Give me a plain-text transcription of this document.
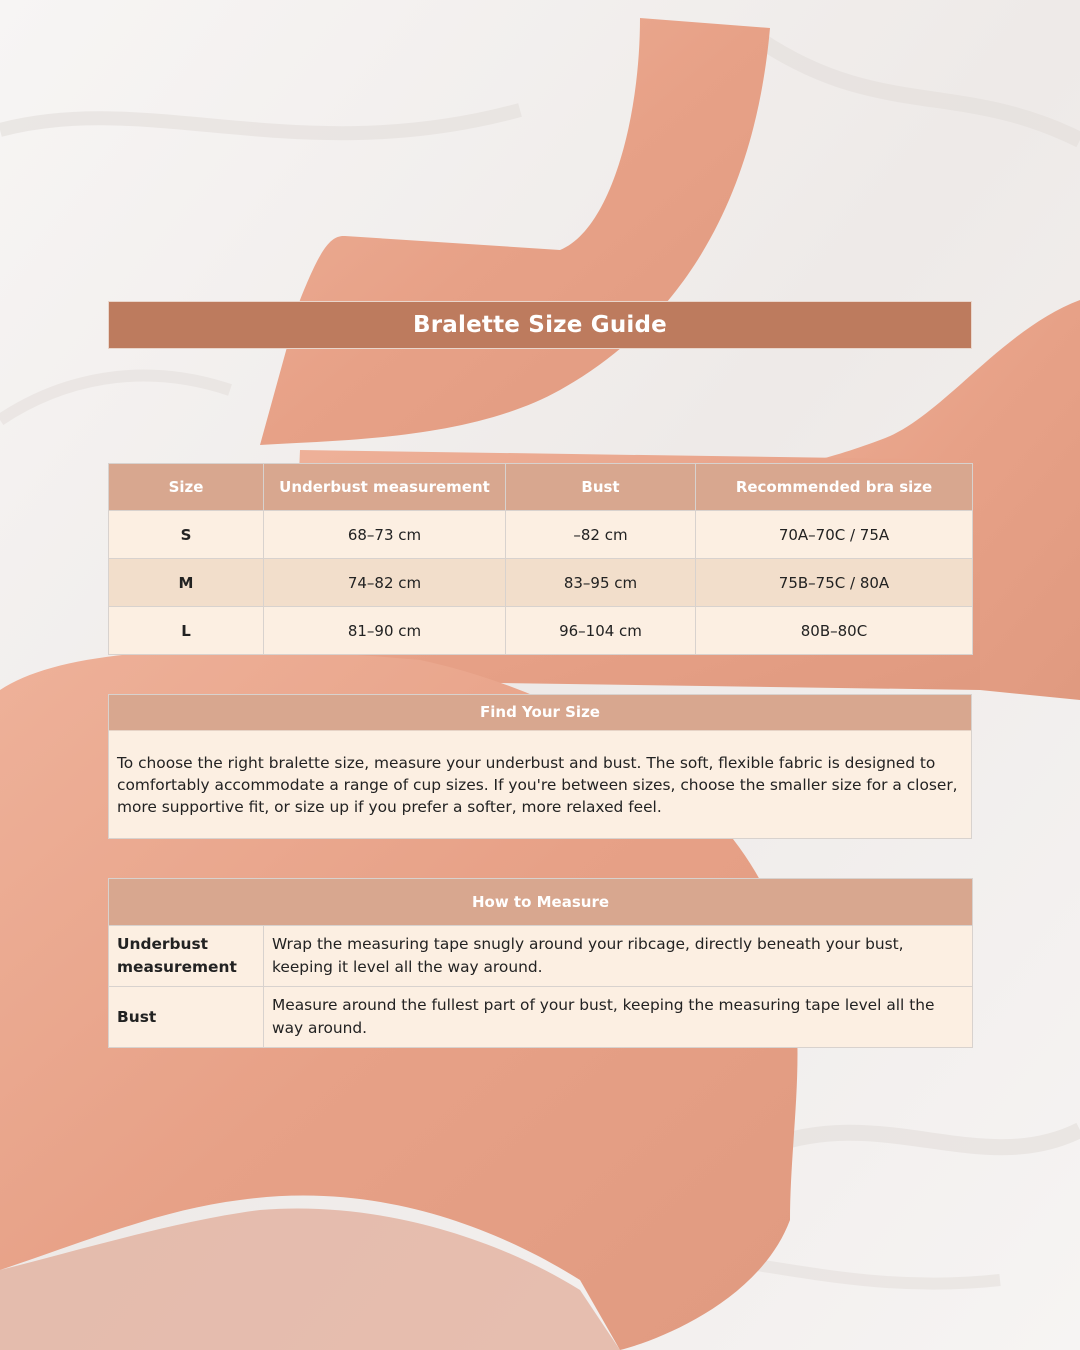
Bralette Size Guide
Size	Underbust measurement	Bust	Recommended bra size
S	68–73 cm	–82 cm	70A–70C / 75A
M	74–82 cm	83–95 cm	75B–75C / 80A
L	81–90 cm	96–104 cm	80B–80C
Find Your Size
To choose the right bralette size, measure your underbust and bust. The soft, flexible fabric is designed to comfortably accommodate a range of cup sizes. If you're between sizes, choose the smaller size for a closer, more supportive fit, or size up if you prefer a softer, more relaxed feel.
How to Measure	
Underbust measurement	Wrap the measuring tape snugly around your ribcage, directly beneath your bust, keeping it level all the way around.
Bust	Measure around the fullest part of your bust, keeping the measuring tape level all the way around.
